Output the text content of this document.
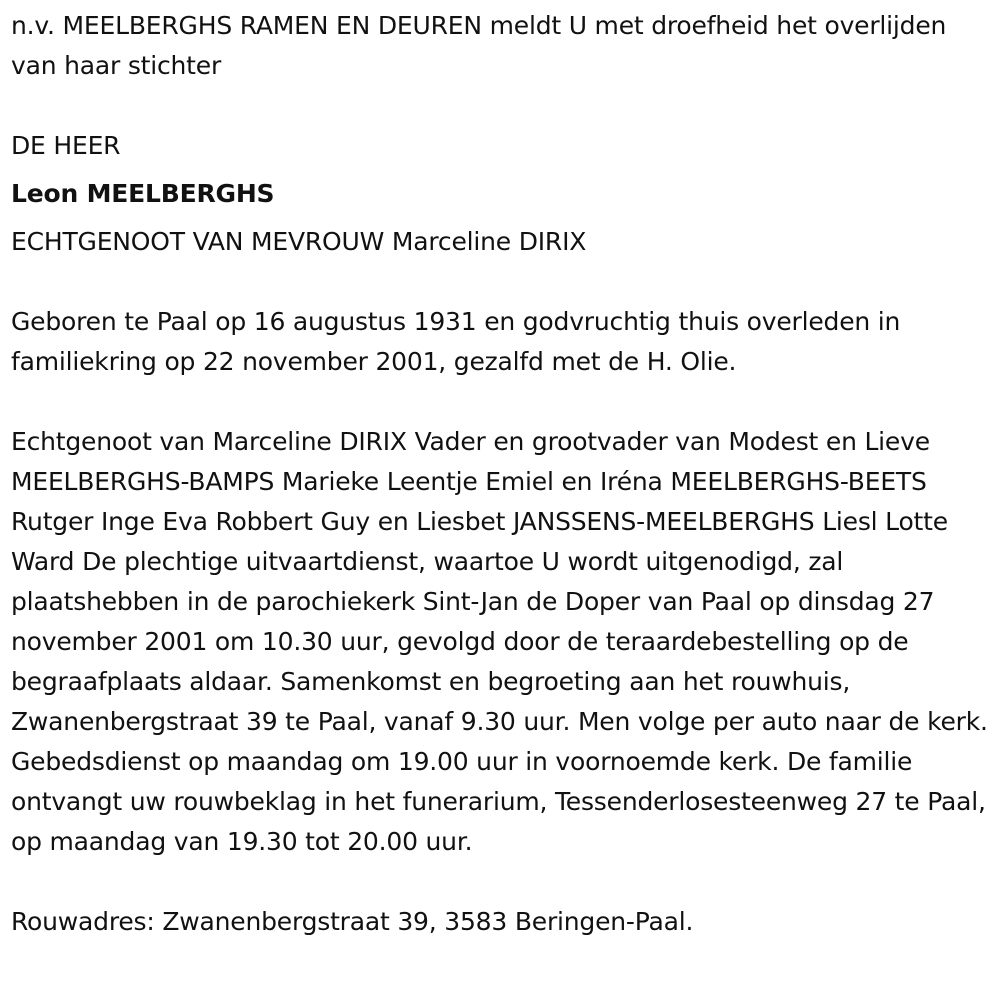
n.v. MEELBERGHS RAMEN EN DEUREN meldt U met droefheid het overlijden van haar stichter

DE HEER

Leon MEELBERGHS

ECHTGENOOT VAN MEVROUW Marceline DIRIX

Geboren te Paal op 16 augustus 1931 en godvruchtig thuis overleden in familiekring op 22 november 2001, gezalfd met de H. Olie.

Echtgenoot van Marceline DIRIX Vader en grootvader van Modest en Lieve MEELBERGHS-BAMPS Marieke Leentje Emiel en Iréna MEELBERGHS-BEETS Rutger Inge Eva Robbert Guy en Liesbet JANSSENS-MEELBERGHS Liesl Lotte Ward De plechtige uitvaartdienst, waartoe U wordt uitgenodigd, zal plaatshebben in de parochiekerk Sint-Jan de Doper van Paal op dinsdag 27 november 2001 om 10.30 uur, gevolgd door de teraardebestelling op de begraafplaats aldaar. Samenkomst en begroeting aan het rouwhuis, Zwanenbergstraat 39 te Paal, vanaf 9.30 uur. Men volge per auto naar de kerk. Gebedsdienst op maandag om 19.00 uur in voornoemde kerk. De familie ontvangt uw rouwbeklag in het funerarium, Tessenderlosesteenweg 27 te Paal, op maandag van 19.30 tot 20.00 uur.

Rouwadres: Zwanenbergstraat 39, 3583 Beringen-Paal.
